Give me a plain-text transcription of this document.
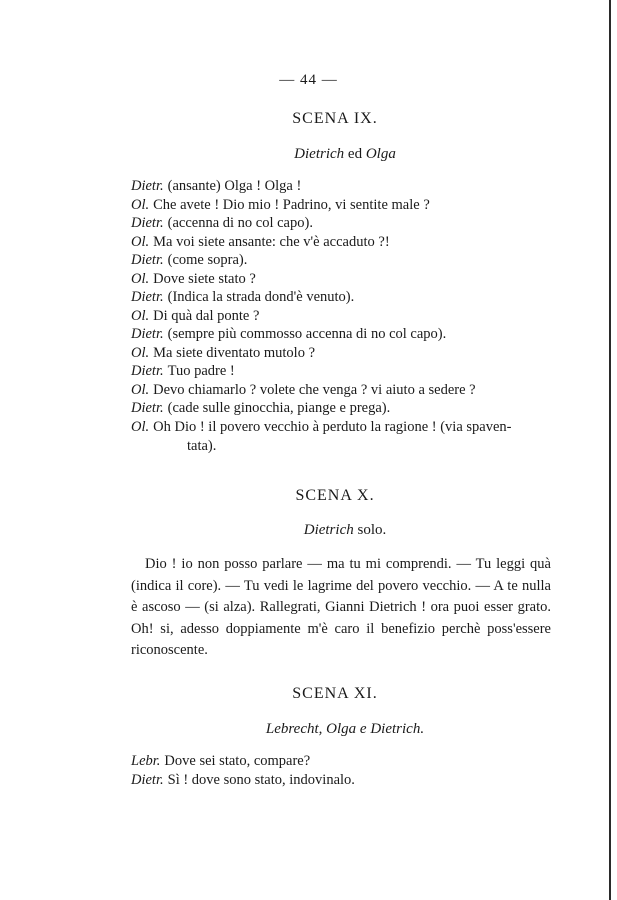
— 44 —
SCENA IX.
Dietrich ed Olga
Dietr. (ansante) Olga ! Olga !
Ol. Che avete ! Dio mio ! Padrino, vi sentite male ?
Dietr. (accenna di no col capo).
Ol. Ma voi siete ansante: che v'è accaduto ?!
Dietr. (come sopra).
Ol. Dove siete stato ?
Dietr. (Indica la strada dond'è venuto).
Ol. Di quà dal ponte ?
Dietr. (sempre più commosso accenna di no col capo).
Ol. Ma siete diventato mutolo ?
Dietr. Tuo padre !
Ol. Devo chiamarlo ? volete che venga ? vi aiuto a sedere ?
Dietr. (cade sulle ginocchia, piange e prega).
Ol. Oh Dio ! il povero vecchio à perduto la ragione ! (via spaven-
tata).
SCENA X.
Dietrich solo.
Dio ! io non posso parlare — ma tu mi comprendi. — Tu leggi quà (indica il core). — Tu vedi le lagrime del povero vecchio. — A te nulla è ascoso — (si alza). Rallegrati, Gianni Dietrich ! ora puoi esser grato. Oh! si, adesso doppiamente m'è caro il benefizio perchè poss'essere riconoscente.
SCENA XI.
Lebrecht, Olga e Dietrich.
Lebr. Dove sei stato, compare?
Dietr. Sì ! dove sono stato, indovinalo.
